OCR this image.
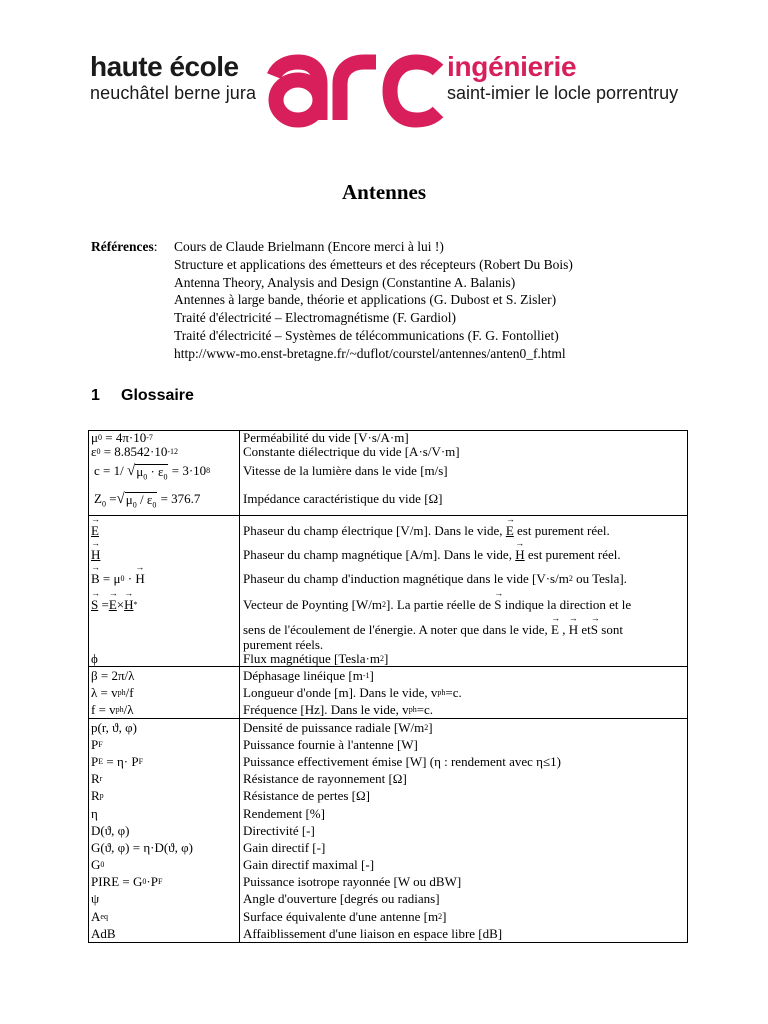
haute école
neuchâtel berne jura
ingénierie
saint-imier le locle porrentruy
Antennes
Références: Cours de Claude Brielmann (Encore merci à lui !)
Structure et applications des émetteurs et des récepteurs (Robert Du Bois)
Antenna Theory, Analysis and Design (Constantine A. Balanis)
Antennes à large bande, théorie et applications (G. Dubost et S. Zisler)
Traité d'électricité – Electromagnétisme (F. Gardiol)
Traité d'électricité – Systèmes de télécommunications (F. G. Fontolliet)
http://www-mo.enst-bretagne.fr/~duflot/courstel/antennes/anten0_f.html
1 Glossaire
μ 0 = 4π·10 -7
ε 0 = 8.8542·10 -12
c = 1/ √ $\mu_0 \cdot \varepsilon_0 = 3\cdot 10$ 8
$Z_0$ = √ $\mu_0 / \varepsilon_0 = 376.7$
Perméabilité du vide [V·s/A·m]
Constante diélectrique du vide [A·s/V·m]
Vitesse de la lumière dans le vide [m/s]
Impédance caractéristique du vide [Ω]
→ E
→ H
→ B = μ 0 · → H
→ S = → E × → H *
ϕ
Phaseur du champ électrique [V/m]. Dans le vide,
→ E
est purement réel.
Phaseur du champ magnétique [A/m]. Dans le vide,
→ H
est purement réel.
Phaseur du champ d'induction magnétique dans le vide [V·s/m 2
ou Tesla].
Vecteur de Poynting [W/m 2 ]. La partie réelle de
→ S
indique la direction et le
sens de l'écoulement de l'énergie. A noter que dans le vide,
→ E , → H et → S
sont
purement réels.
Flux magnétique [Tesla·m 2 ]
β = 2π/λ
λ = v ph /f
f = v ph /λ
Déphasage linéique [m -1 ]
Longueur d'onde [m]. Dans le vide, v ph =c.
Fréquence [Hz]. Dans le vide, v ph =c.
p(r, ϑ, φ)
P F
P E = η· P F
R r
R p
η
D(ϑ, φ)
G(ϑ, φ) = η·D(ϑ, φ)
G 0
PIRE = G 0 ·P F
ψ
A eq
AdB
Densité de puissance radiale [W/m 2 ]
Puissance fournie à l'antenne [W]
Puissance effectivement émise [W] (η : rendement avec η≤1)
Résistance de rayonnement [Ω]
Résistance de pertes [Ω]
Rendement [%]
Directivité [-]
Gain directif [-]
Gain directif maximal [-]
Puissance isotrope rayonnée [W ou dBW]
Angle d'ouverture [degrés ou radians]
Surface équivalente d'une antenne [m 2 ]
Affaiblissement d'une liaison en espace libre [dB]
